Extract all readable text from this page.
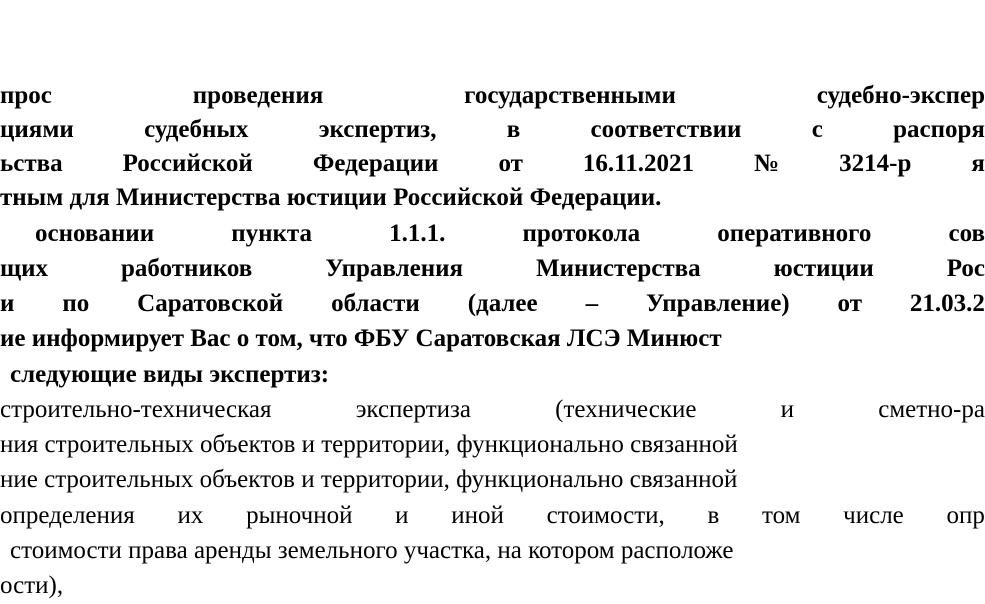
прос	проведения	государственными	судебно-экспер
циями	судебных	экспертиз,	в	соответствии	с	распоря
ьства Российской Федерации от 16.11.2021 № 3214-р я
тным для Министерства юстиции Российской Федерации.
основании	пункта	1.1.1.	протокола	оперативного	сов
щих	работников	Управления	Министерства	юстиции	Рос
и по Саратовской области (далее – Управление) от 21.03.2
ие информирует Вас о том, что ФБУ Саратовская ЛСЭ Минюст
следующие виды экспертиз:
строительно-техническая	экспертиза	(технические	и	сметно-ра
ния строительных объектов и территории, функционально связанной
ние строительных объектов и территории, функционально связанной
определения их рыночной и иной стоимости, в том числе опр
стоимости права аренды земельного участка, на котором расположе
ости),
